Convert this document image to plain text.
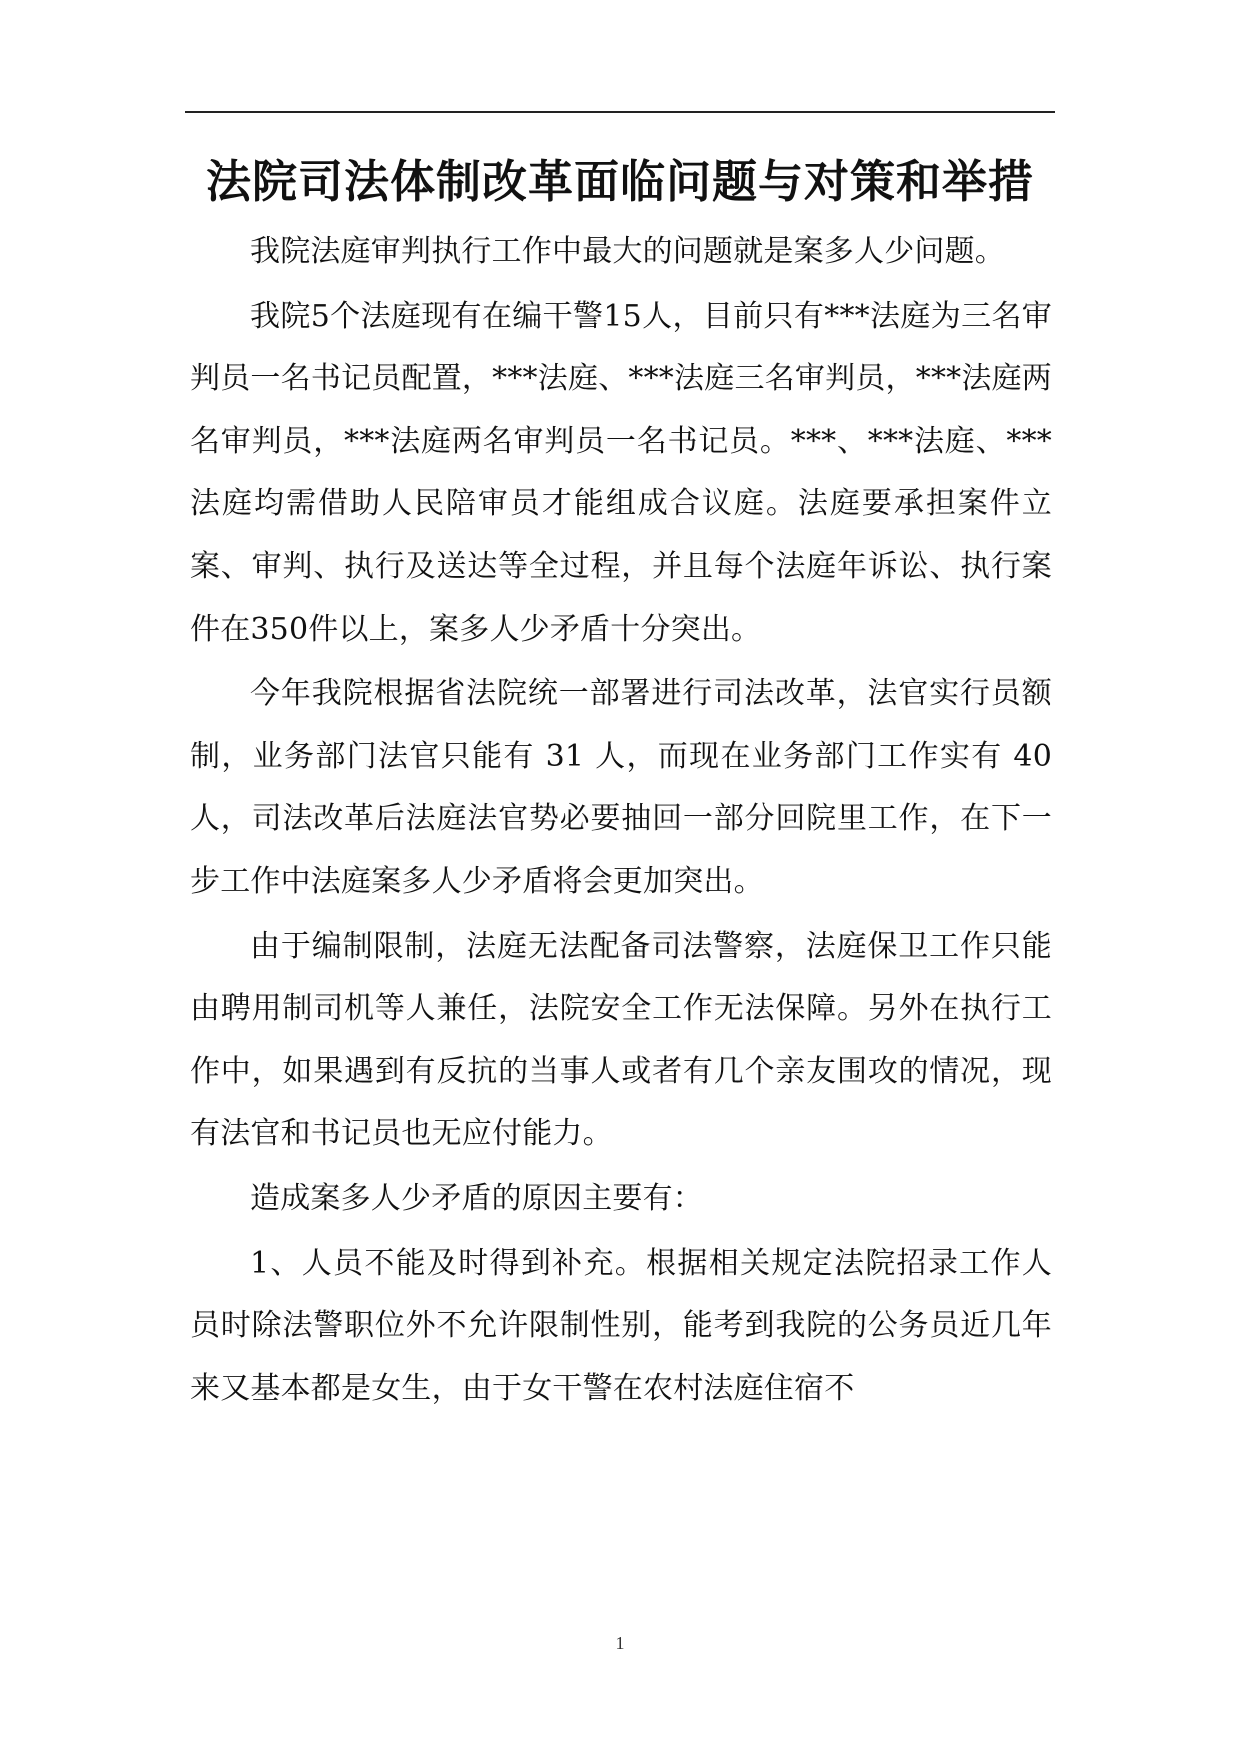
法院司法体制改革面临问题与对策和举措

我院法庭审判执行工作中最大的问题就是案多人少问题。

我院5个法庭现有在编干警15人，目前只有***法庭为三名审判员一名书记员配置，***法庭、***法庭三名审判员，***法庭两名审判员，***法庭两名审判员一名书记员。***、***法庭、***法庭均需借助人民陪审员才能组成合议庭。法庭要承担案件立案、审判、执行及送达等全过程，并且每个法庭年诉讼、执行案件在350件以上，案多人少矛盾十分突出。

今年我院根据省法院统一部署进行司法改革，法官实行员额制，业务部门法官只能有 31 人，而现在业务部门工作实有 40 人，司法改革后法庭法官势必要抽回一部分回院里工作，在下一步工作中法庭案多人少矛盾将会更加突出。

由于编制限制，法庭无法配备司法警察，法庭保卫工作只能由聘用制司机等人兼任，法院安全工作无法保障。另外在执行工作中，如果遇到有反抗的当事人或者有几个亲友围攻的情况，现有法官和书记员也无应付能力。

造成案多人少矛盾的原因主要有：

1、人员不能及时得到补充。根据相关规定法院招录工作人员时除法警职位外不允许限制性别，能考到我院的公务员近几年来又基本都是女生，由于女干警在农村法庭住宿不

1
